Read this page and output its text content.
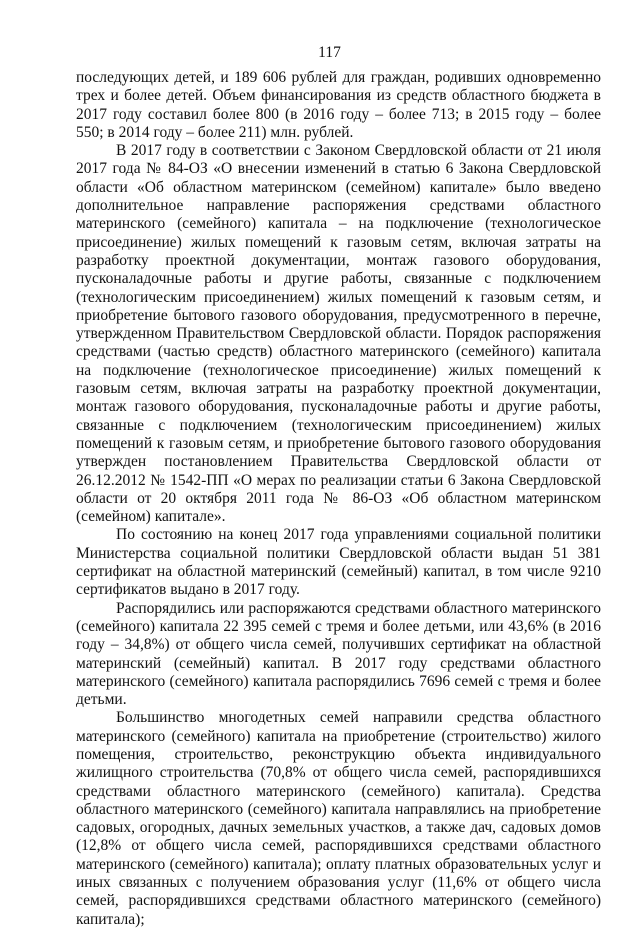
117

последующих детей, и 189 606 рублей для граждан, родивших одновременно трех и более детей. Объем финансирования из средств областного бюджета в 2017 году составил более 800 (в 2016 году – более 713; в 2015 году – более 550; в 2014 году – более 211) млн. рублей.

В 2017 году в соответствии с Законом Свердловской области от 21 июля 2017 года № 84-ОЗ «О внесении изменений в статью 6 Закона Свердловской области «Об областном материнском (семейном) капитале» было введено дополнительное направление распоряжения средствами областного материнского (семейного) капитала – на подключение (технологическое присоединение) жилых помещений к газовым сетям, включая затраты на разработку проектной документации, монтаж газового оборудования, пусконаладочные работы и другие работы, связанные с подключением (технологическим присоединением) жилых помещений к газовым сетям, и приобретение бытового газового оборудования, предусмотренного в перечне, утвержденном Правительством Свердловской области. Порядок распоряжения средствами (частью средств) областного материнского (семейного) капитала на подключение (технологическое присоединение) жилых помещений к газовым сетям, включая затраты на разработку проектной документации, монтаж газового оборудования, пусконаладочные работы и другие работы, связанные с подключением (технологическим присоединением) жилых помещений к газовым сетям, и приобретение бытового газового оборудования утвержден постановлением Правительства Свердловской области от 26.12.2012 № 1542-ПП «О мерах по реализации статьи 6 Закона Свердловской области от 20 октября 2011 года № 86-ОЗ «Об областном материнском (семейном) капитале».

По состоянию на конец 2017 года управлениями социальной политики Министерства социальной политики Свердловской области выдан 51 381 сертификат на областной материнский (семейный) капитал, в том числе 9210 сертификатов выдано в 2017 году.

Распорядились или распоряжаются средствами областного материнского (семейного) капитала 22 395 семей с тремя и более детьми, или 43,6% (в 2016 году – 34,8%) от общего числа семей, получивших сертификат на областной материнский (семейный) капитал. В 2017 году средствами областного материнского (семейного) капитала распорядились 7696 семей с тремя и более детьми.

Большинство многодетных семей направили средства областного материнского (семейного) капитала на приобретение (строительство) жилого помещения, строительство, реконструкцию объекта индивидуального жилищного строительства (70,8% от общего числа семей, распорядившихся средствами областного материнского (семейного) капитала). Средства областного материнского (семейного) капитала направлялись на приобретение садовых, огородных, дачных земельных участков, а также дач, садовых домов (12,8% от общего числа семей, распорядившихся средствами областного материнского (семейного) капитала); оплату платных образовательных услуг и иных связанных с получением образования услуг (11,6% от общего числа семей, распорядившихся средствами областного материнского (семейного) капитала);
